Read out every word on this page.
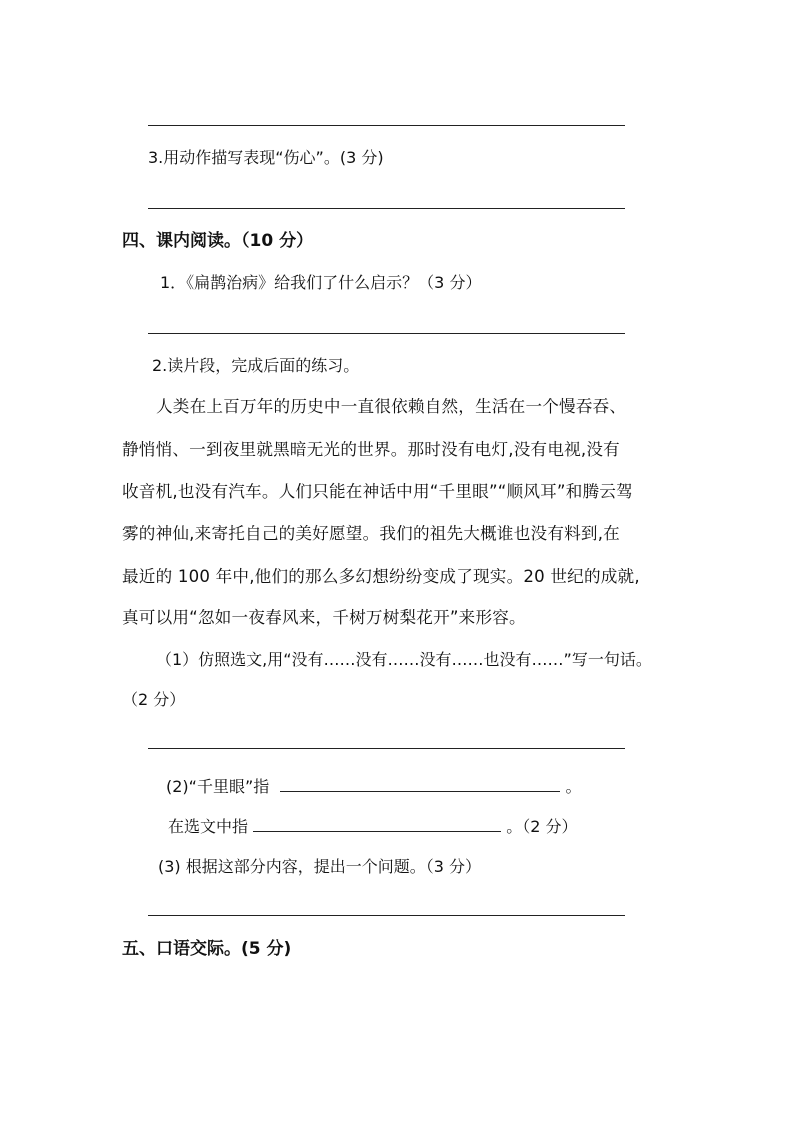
3.用动作描写表现“伤心”。(3 分)
四、课内阅读。（10 分）
1．《扁鹊治病》给我们了什么启示？（3 分）
2.读片段，完成后面的练习。
人类在上百万年的历史中一直很依赖自然，生活在一个慢吞吞、
静悄悄、一到夜里就黑暗无光的世界。那时没有电灯,没有电视,没有
收音机,也没有汽车。人们只能在神话中用“千里眼”“顺风耳”和腾云驾
雾的神仙,来寄托自己的美好愿望。我们的祖先大概谁也没有料到,在
最近的 100 年中,他们的那么多幻想纷纷变成了现实。20 世纪的成就,
真可以用“忽如一夜春风来，千树万树梨花开”来形容。
（1）仿照选文,用“没有……没有……没有……也没有……”写一句话。
（2 分）
(2)“千里眼”指	。
在选文中指	。（2 分）
(3) 根据这部分内容，提出一个问题。（3 分）
五、口语交际。(5 分)
